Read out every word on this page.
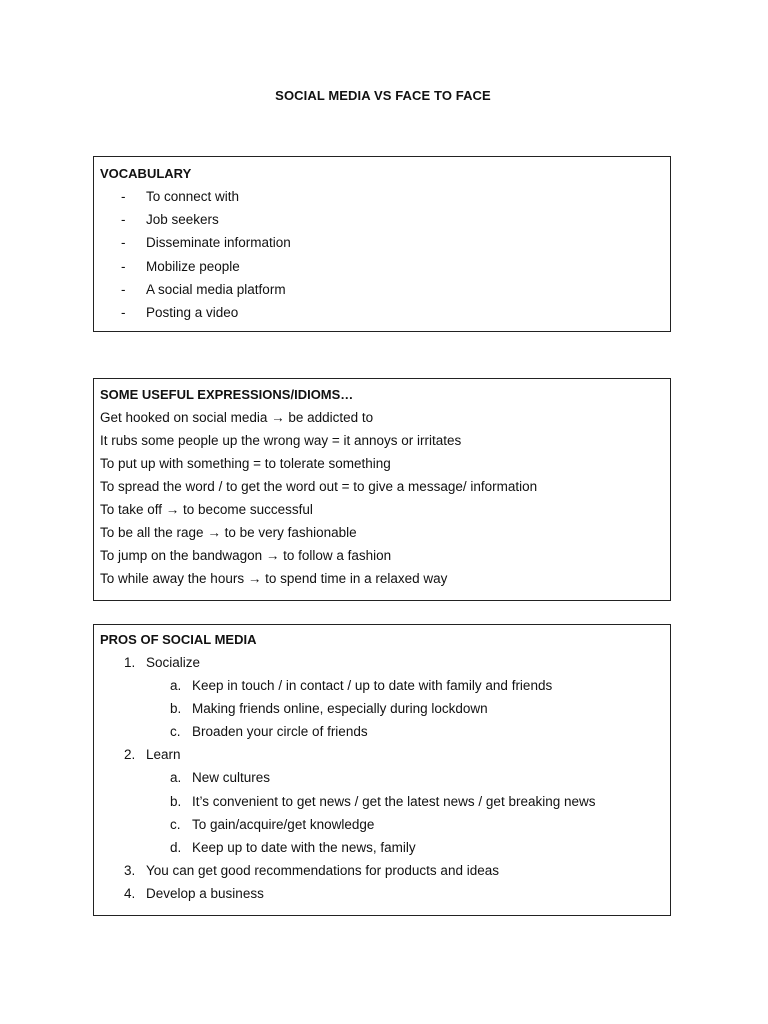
SOCIAL MEDIA VS FACE TO FACE
VOCABULARY
- To connect with
- Job seekers
- Disseminate information
- Mobilize people
- A social media platform
- Posting a video
SOME USEFUL EXPRESSIONS/IDIOMS…
Get hooked on social media → be addicted to
It rubs some people up the wrong way = it annoys or irritates
To put up with something = to tolerate something
To spread the word / to get the word out = to give a message/ information
To take off → to become successful
To be all the rage → to be very fashionable
To jump on the bandwagon → to follow a fashion
To while away the hours → to spend time in a relaxed way
PROS OF SOCIAL MEDIA
1. Socialize
a. Keep in touch / in contact / up to date with family and friends
b. Making friends online, especially during lockdown
c. Broaden your circle of friends
2. Learn
a. New cultures
b. It’s convenient to get news / get the latest news / get breaking news
c. To gain/acquire/get knowledge
d. Keep up to date with the news, family
3. You can get good recommendations for products and ideas
4. Develop a business
